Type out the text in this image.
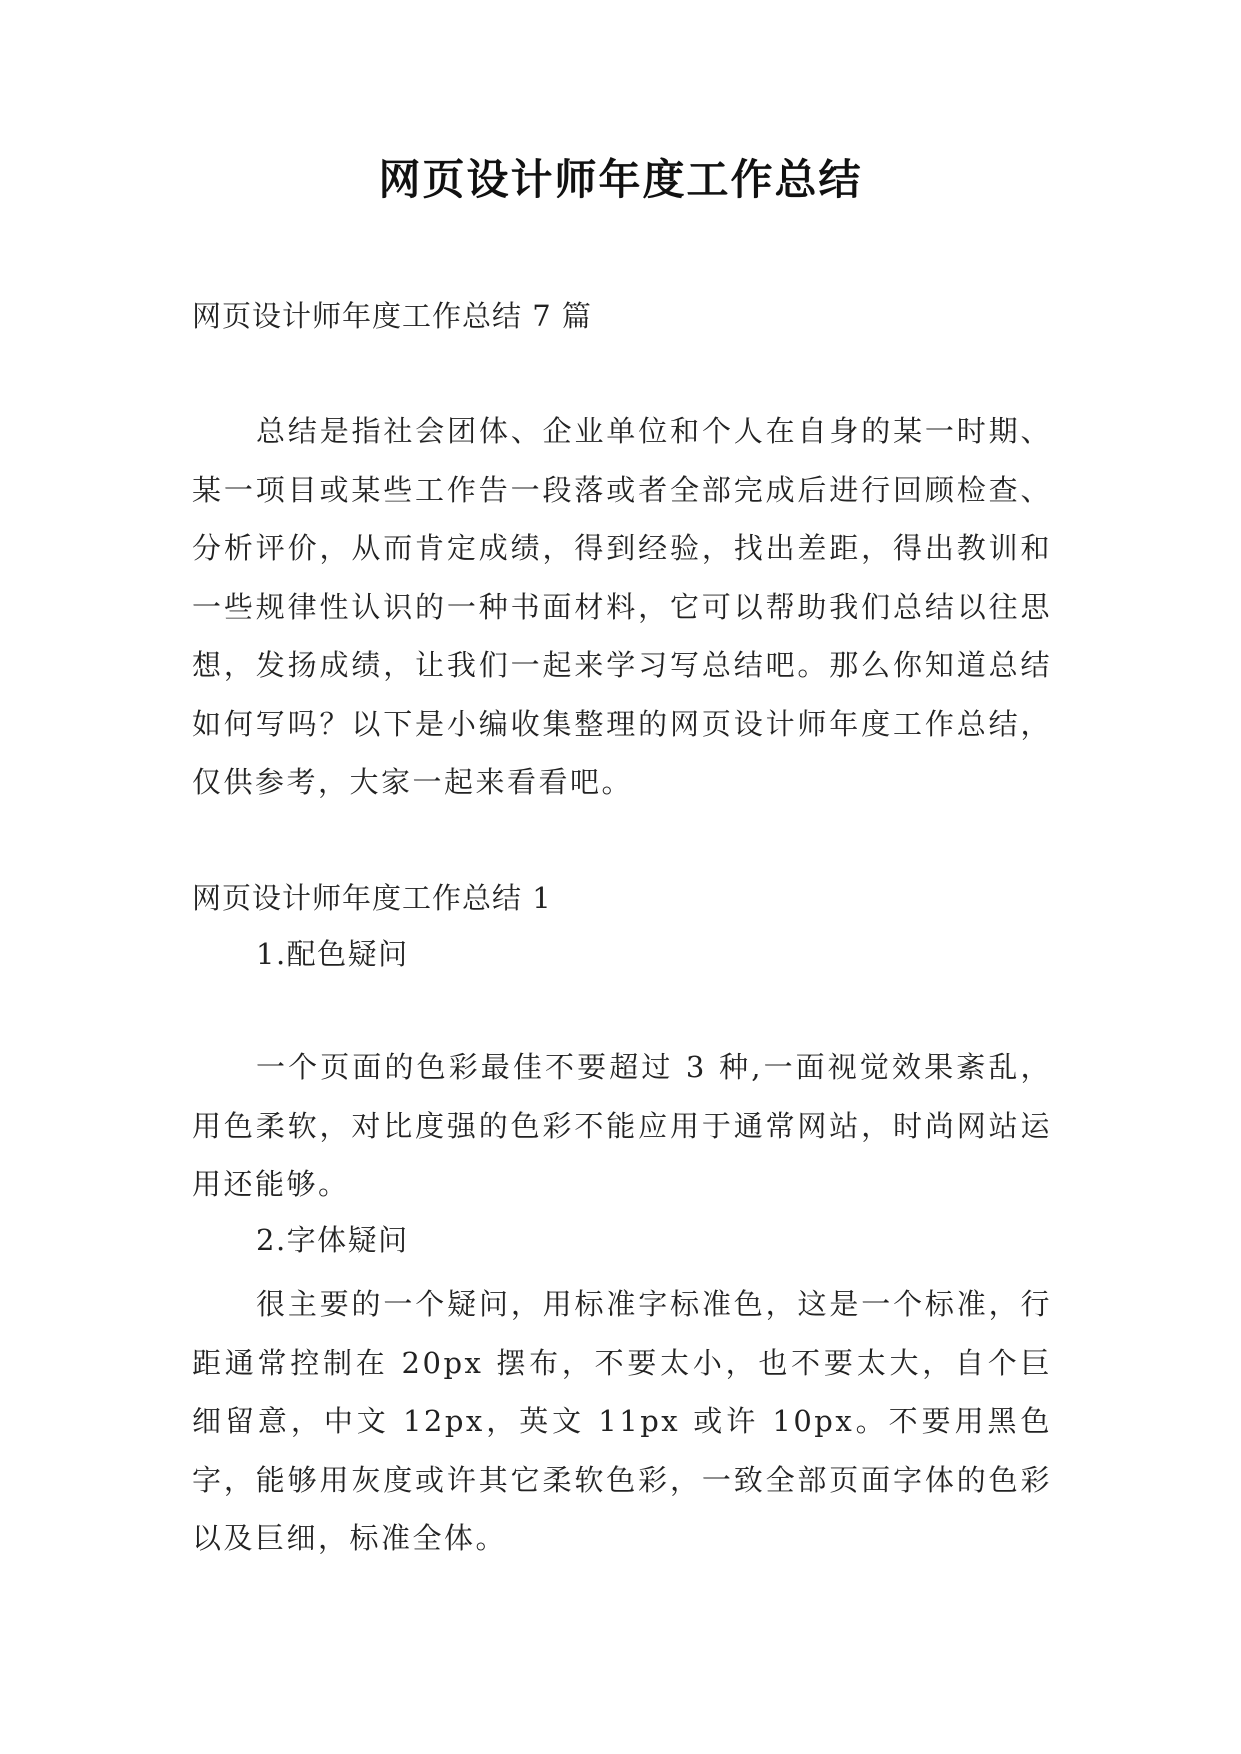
网页设计师年度工作总结
网页设计师年度工作总结 7 篇
总结是指社会团体、企业单位和个人在自身的某一时期、某一项目或某些工作告一段落或者全部完成后进行回顾检查、分析评价，从而肯定成绩，得到经验，找出差距，得出教训和一些规律性认识的一种书面材料，它可以帮助我们总结以往思想，发扬成绩，让我们一起来学习写总结吧。那么你知道总结如何写吗？以下是小编收集整理的网页设计师年度工作总结，仅供参考，大家一起来看看吧。
网页设计师年度工作总结 1
1.配色疑问
一个页面的色彩最佳不要超过 3 种,一面视觉效果紊乱，用色柔软，对比度强的色彩不能应用于通常网站，时尚网站运用还能够。
2.字体疑问
很主要的一个疑问，用标准字标准色，这是一个标准，行距通常控制在 20px 摆布，不要太小，也不要太大，自个巨细留意，中文 12px，英文 11px 或许 10px。不要用黑色字，能够用灰度或许其它柔软色彩，一致全部页面字体的色彩以及巨细，标准全体。
